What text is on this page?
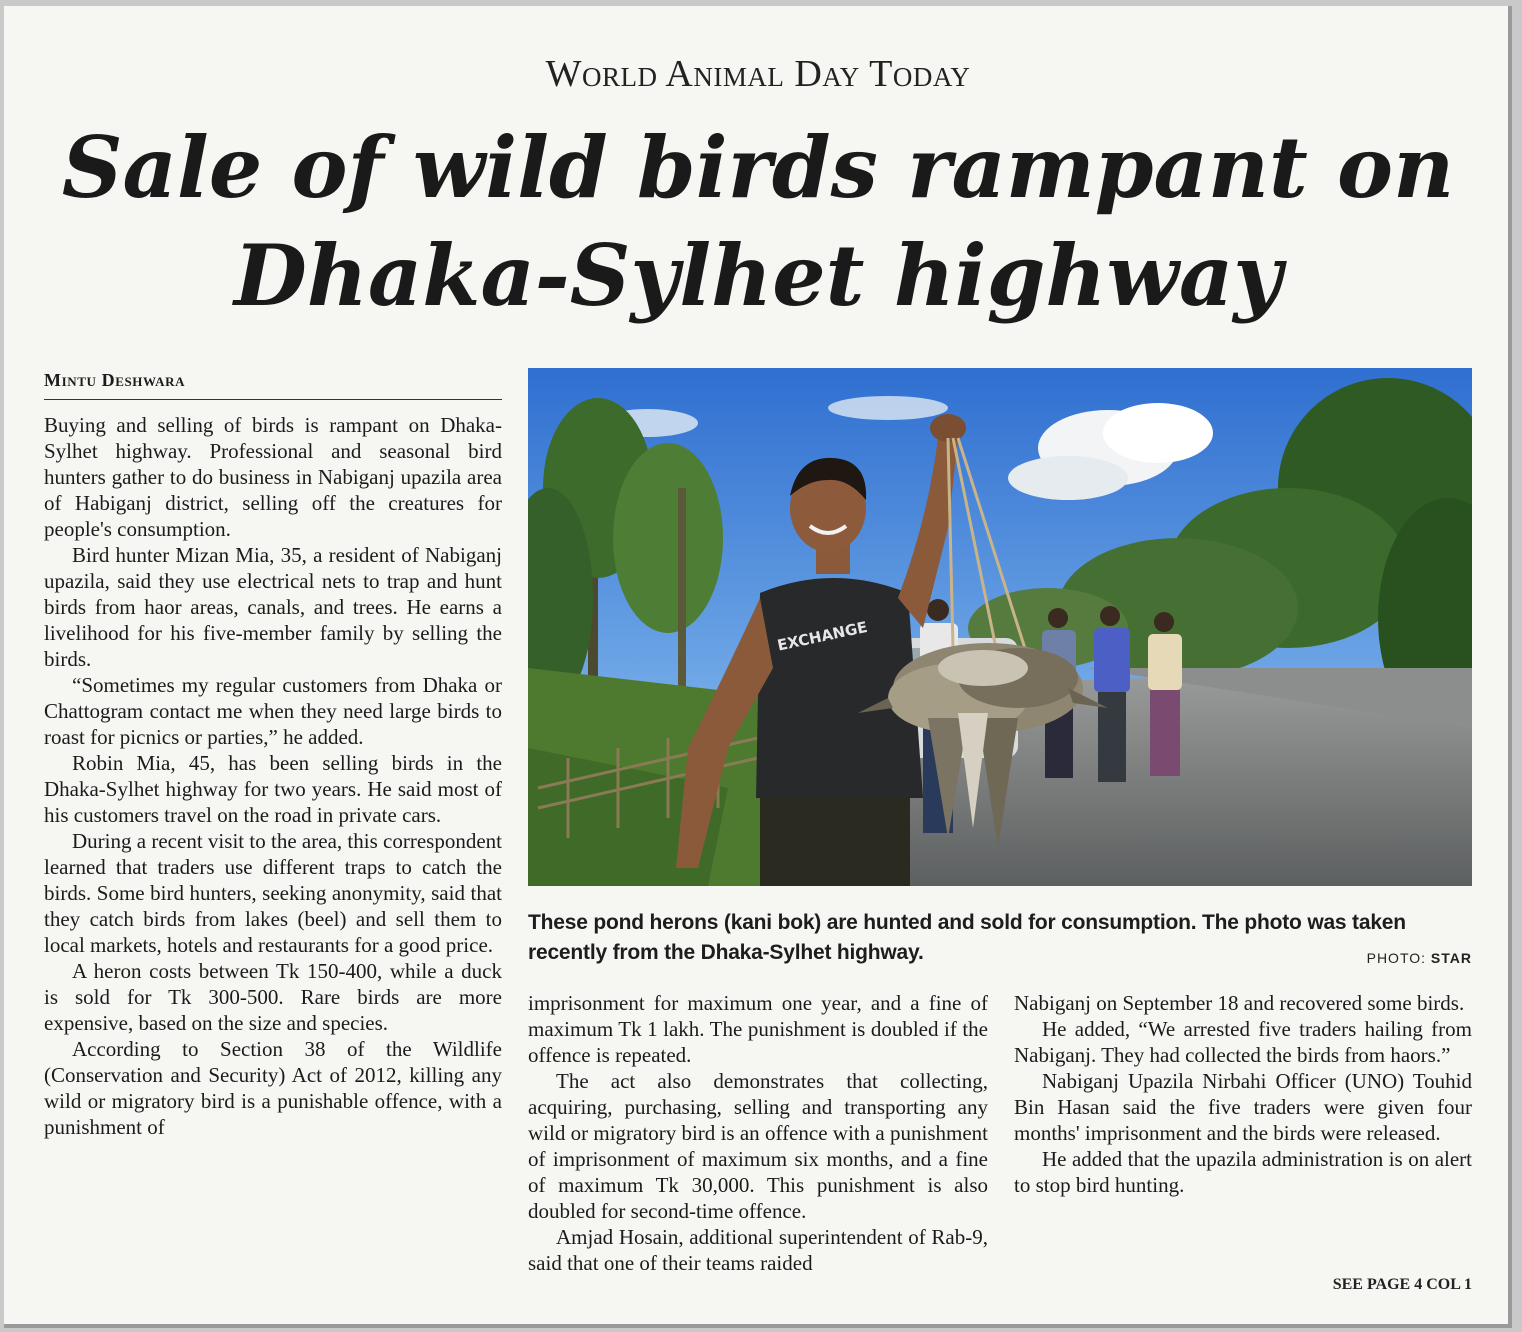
World Animal Day Today
Sale of wild birds rampant on
Dhaka-Sylhet highway
Mintu Deshwara

Buying and selling of birds is rampant on Dhaka-Sylhet highway. Professional and seasonal bird hunters gather to do business in Nabiganj upazila area of Habiganj district, selling off the creatures for people's consumption.

Bird hunter Mizan Mia, 35, a resident of Nabiganj upazila, said they use electrical nets to trap and hunt birds from haor areas, canals, and trees. He earns a livelihood for his five-member family by selling the birds.

“Sometimes my regular customers from Dhaka or Chattogram contact me when they need large birds to roast for picnics or parties,” he added.

Robin Mia, 45, has been selling birds in the Dhaka-Sylhet highway for two years. He said most of his customers travel on the road in private cars.

During a recent visit to the area, this correspondent learned that traders use different traps to catch the birds. Some bird hunters, seeking anonymity, said that they catch birds from lakes (beel) and sell them to local markets, hotels and restaurants for a good price.

A heron costs between Tk 150-400, while a duck is sold for Tk 300-500. Rare birds are more expensive, based on the size and species.

According to Section 38 of the Wildlife (Conservation and Security) Act of 2012, killing any wild or migratory bird is a punishable offence, with a punishment of

EXCHANGE
These pond herons (kani bok) are hunted and sold for consumption. The photo was taken recently from the Dhaka-Sylhet highway.	PHOTO: STAR

imprisonment for maximum one year, and a fine of maximum Tk 1 lakh. The punishment is doubled if the offence is repeated.

The act also demonstrates that collecting, acquiring, purchasing, selling and transporting any wild or migratory bird is an offence with a punishment of imprisonment of maximum six months, and a fine of maximum Tk 30,000. This punishment is also doubled for second-time offence.

Amjad Hosain, additional superintendent of Rab-9, said that one of their teams raided

Nabiganj on September 18 and recovered some birds.

He added, “We arrested five traders hailing from Nabiganj. They had collected the birds from haors.”

Nabiganj Upazila Nirbahi Officer (UNO) Touhid Bin Hasan said the five traders were given four months' imprisonment and the birds were released.

He added that the upazila administration is on alert to stop bird hunting.

SEE PAGE 4 COL 1
